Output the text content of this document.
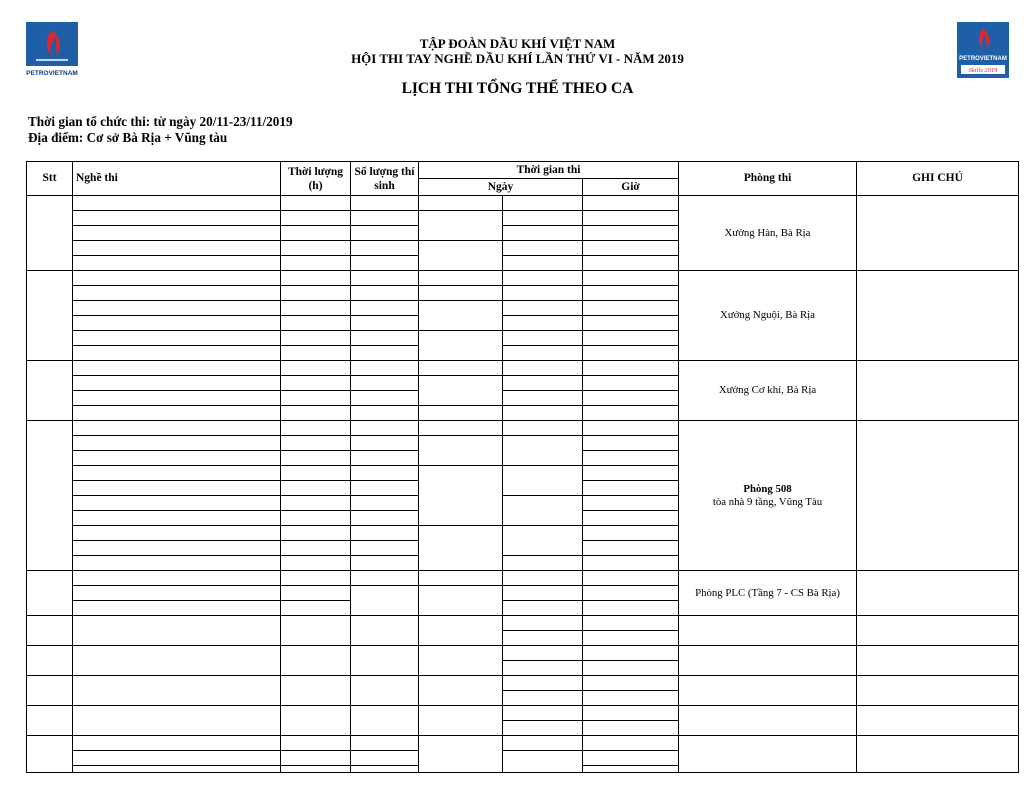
PETROVIETNAM
PETROVIETNAM
Skills 2019
TẬP ĐOÀN DẦU KHÍ VIỆT NAM
HỘI THI TAY NGHỀ DẦU KHÍ LẦN THỨ VI - NĂM 2019
LỊCH THI TỔNG THỂ THEO CA
Thời gian tổ chức thi: từ ngày 20/11-23/11/2019
Địa điểm: Cơ sở Bà Rịa + Vũng tàu
Stt	Nghề thi	Thời lượng (h)	Số lượng thí sinh	Thời gian thi			Phòng thi	GHI CHÚ
				Ngày		Giờ		
							Xưởng Hàn, Bà Rịa	

							Xưởng Nguội, Bà Rịa	

							Xưởng Cơ khí, Bà Rịa	

							Phòng 508
tòa nhà 9 tầng, Vũng Tàu	

							Phòng PLC (Tầng 7 - CS Bà Rịa)	
